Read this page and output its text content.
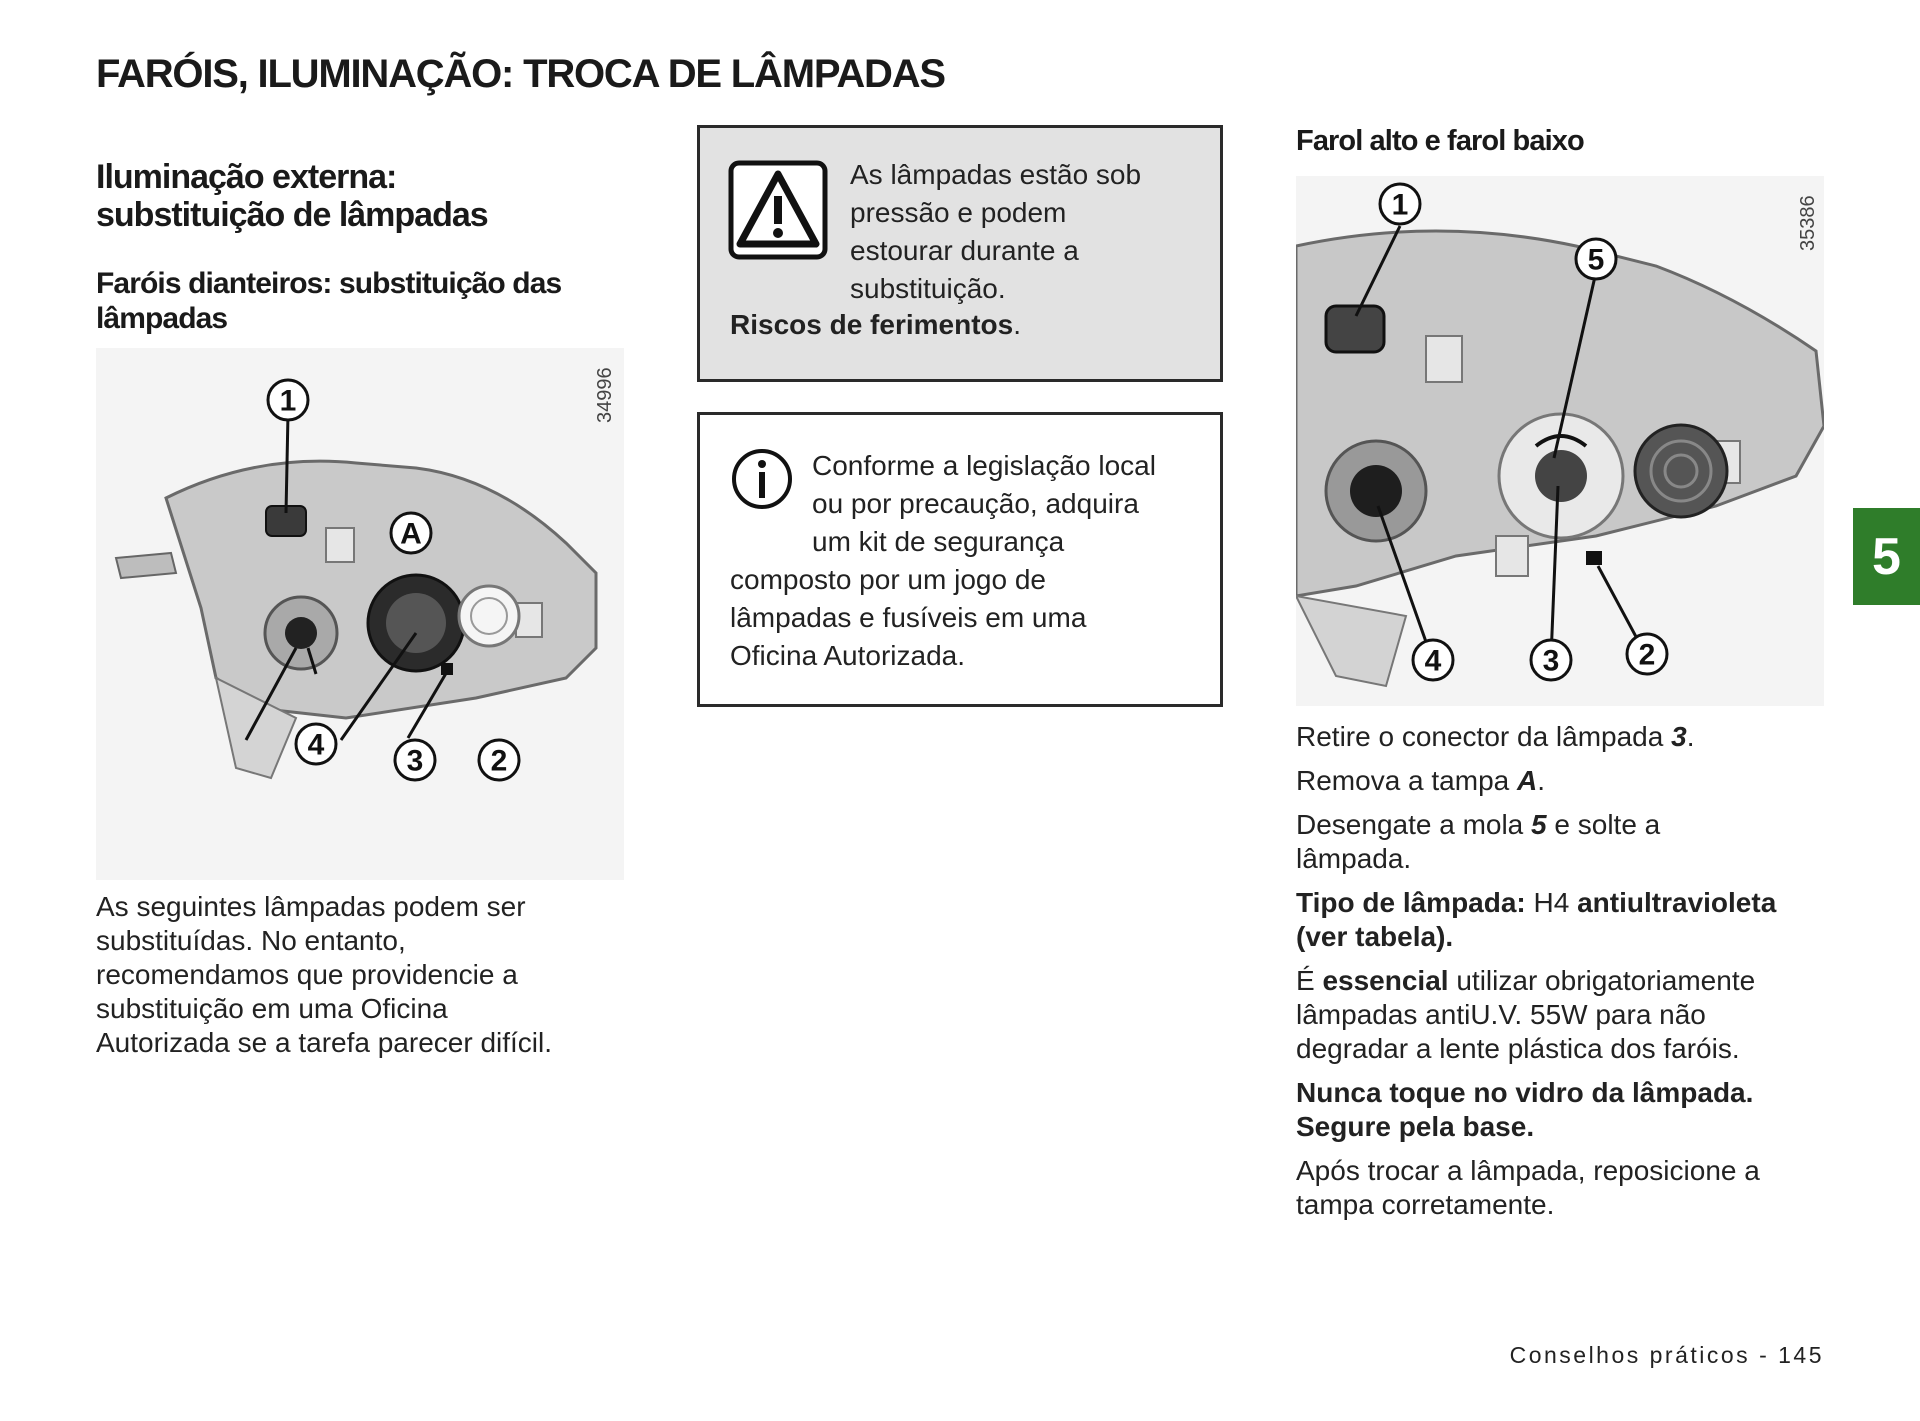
FARÓIS, ILUMINAÇÃO: TROCA DE LÂMPADAS
Iluminação externa:
substituição de lâmpadas
Faróis dianteiros: substituição das
lâmpadas
1
A
4	3 2
34996
As seguintes lâmpadas podem ser
substituídas. No entanto,
recomendamos que providencie a
substituição em uma Oficina
Autorizada se a tarefa parecer difícil.
As lâmpadas estão sob
pressão e podem
estourar durante a
substituição.
Riscos de ferimentos.
Conforme a legislação local
ou por precaução, adquira
um kit de segurança
composto por um jogo de
lâmpadas e fusíveis em uma
Oficina Autorizada.
Farol alto e farol baixo
1
5
4	3	2
35386

Retire o conector da lâmpada 3.

Remova a tampa A.

Desengate a mola 5 e solte a
lâmpada.

Tipo de lâmpada: H4 antiultravioleta
(ver tabela).

É essencial utilizar obrigatoriamente
lâmpadas antiU.V. 55W para não
degradar a lente plástica dos faróis.

Nunca toque no vidro da lâmpada.
Segure pela base.

Após trocar a lâmpada, reposicione a
tampa corretamente.

5
Conselhos práticos - 145
